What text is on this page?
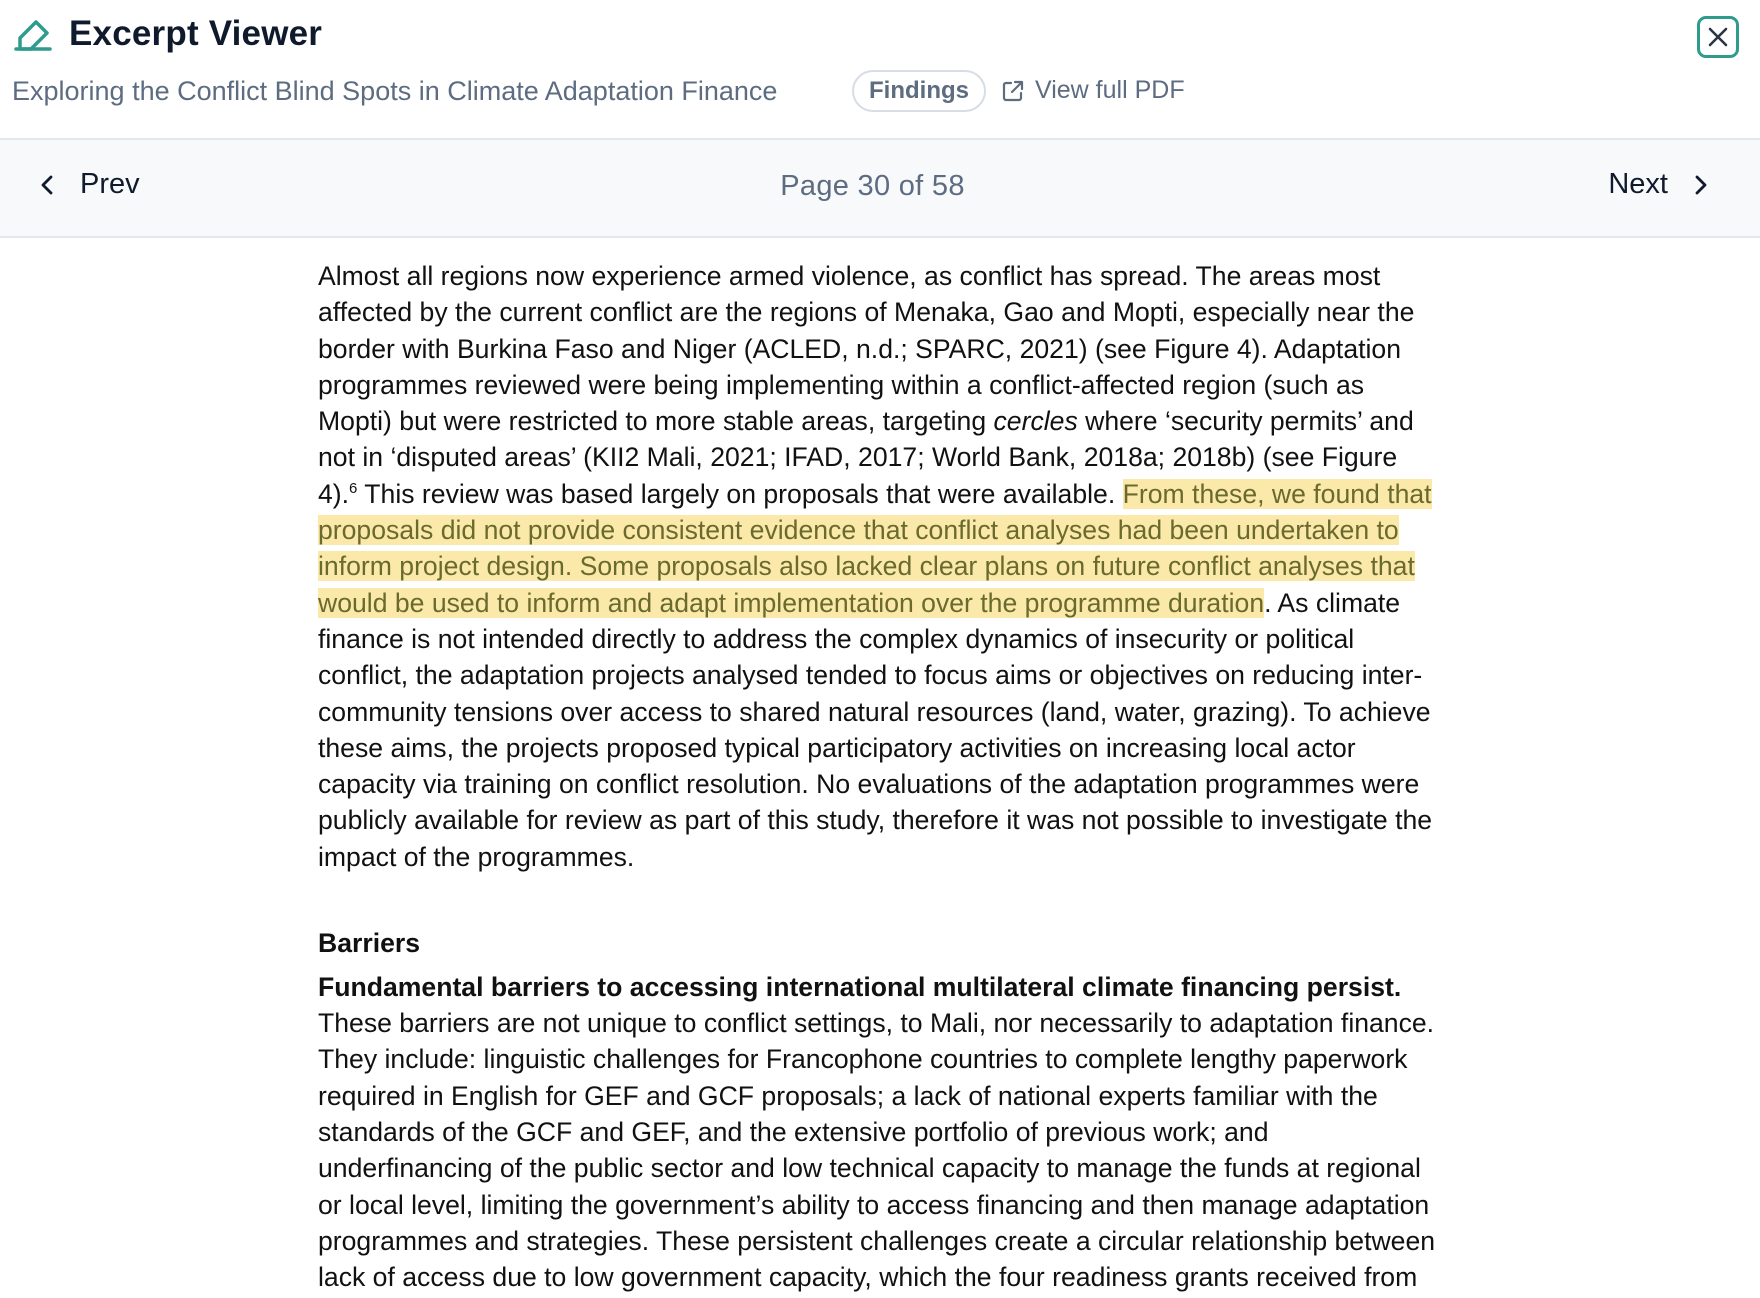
Excerpt Viewer
Exploring the Conflict Blind Spots in Climate Adaptation Finance	Findings	View full PDF
Prev	Page 30 of 58	Next

Almost all regions now experience armed violence, as conflict has spread. The areas most affected by the current conflict are the regions of Menaka, Gao and Mopti, especially near the border with Burkina Faso and Niger (ACLED, n.d.; SPARC, 2021) (see Figure 4). Adaptation programmes reviewed were being implementing within a conflict-affected region (such as Mopti) but were restricted to more stable areas, targeting cercles where ‘security permits’ and not in ‘disputed areas’ (KII2 Mali, 2021; IFAD, 2017; World Bank, 2018a; 2018b) (see Figure 4).$^6$ This review was based largely on proposals that were available. From these, we found that proposals did not provide consistent evidence that conflict analyses had been undertaken to inform project design. Some proposals also lacked clear plans on future conflict analyses that would be used to inform and adapt implementation over the programme duration. As climate finance is not intended directly to address the complex dynamics of insecurity or political conflict, the adaptation projects analysed tended to focus aims or objectives on reducing inter-community tensions over access to shared natural resources (land, water, grazing). To achieve these aims, the projects proposed typical participatory activities on increasing local actor capacity via training on conflict resolution. No evaluations of the adaptation programmes were publicly available for review as part of this study, therefore it was not possible to investigate the impact of the programmes.

Barriers
Fundamental barriers to accessing international multilateral climate financing persist.

These barriers are not unique to conflict settings, to Mali, nor necessarily to adaptation finance. They include: linguistic challenges for Francophone countries to complete lengthy paperwork required in English for GEF and GCF proposals; a lack of national experts familiar with the standards of the GCF and GEF, and the extensive portfolio of previous work; and underfinancing of the public sector and low technical capacity to manage the funds at regional or local level, limiting the government’s ability to access financing and then manage adaptation programmes and strategies. These persistent challenges create a circular relationship between lack of access due to low government capacity, which the four readiness grants received from
